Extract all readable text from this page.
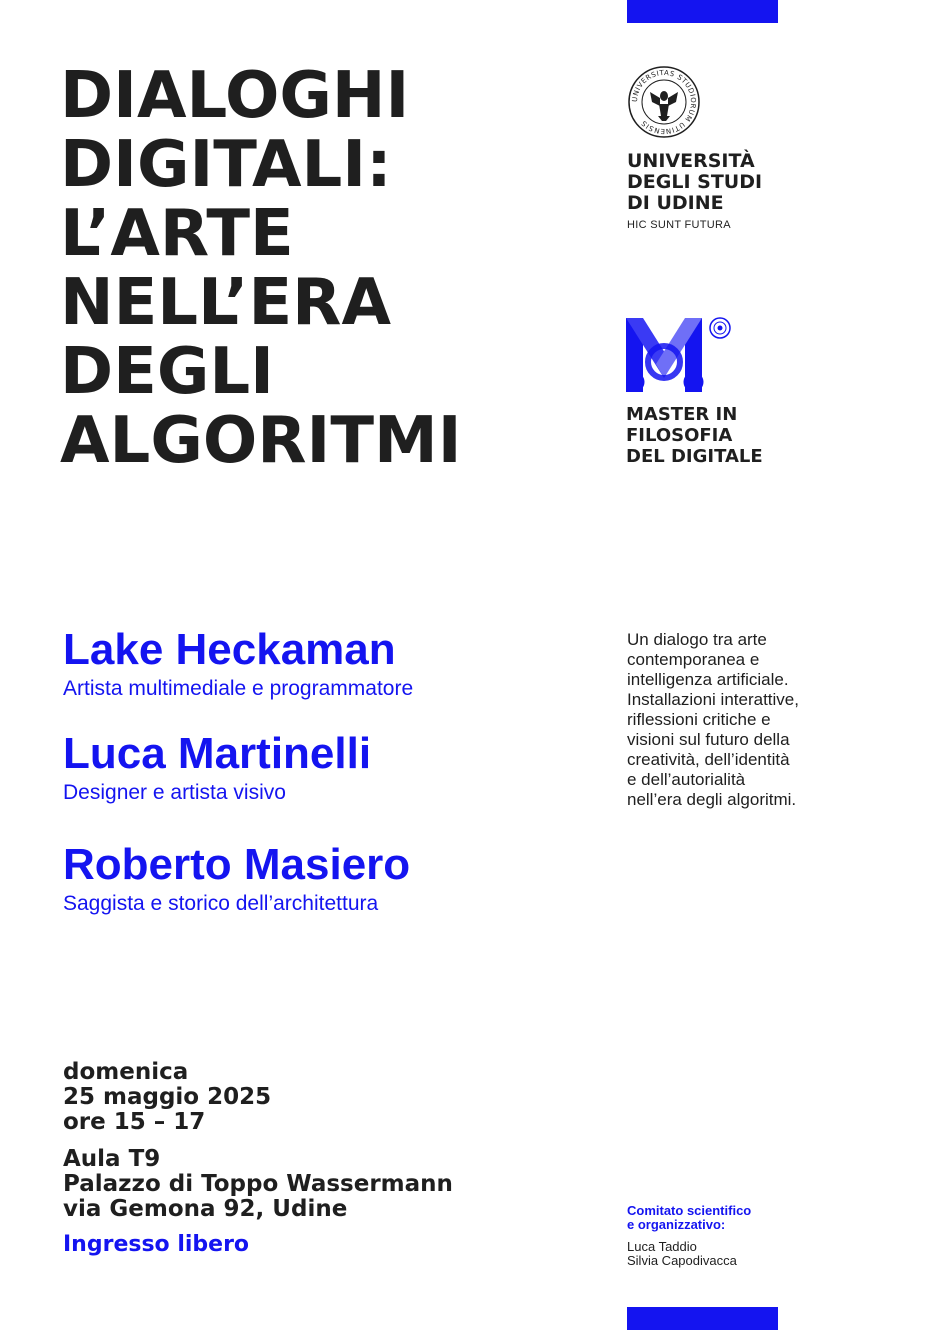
DIALOGHI
DIGITALI:
L’ARTE
NELL’ERA
DEGLI
ALGORITMI
UNIVERSITAS STUDIORUM UTINENSIS
UNIVERSITÀ
DEGLI STUDI
DI UDINE
HIC SUNT FUTURA
MASTER IN
FILOSOFIA
DEL DIGITALE
Lake Heckaman
Artista multimediale e programmatore
Luca Martinelli
Designer e artista visivo
Roberto Masiero
Saggista e storico dell’architettura
Un dialogo tra arte
contemporanea e
intelligenza artificiale.
Installazioni interattive,
riflessioni critiche e
visioni sul futuro della
creatività, dell’identità
e dell’autorialità
nell’era degli algoritmi.
domenica
25 maggio 2025
ore 15 – 17
Aula T9
Palazzo di Toppo Wassermann
via Gemona 92, Udine
Ingresso libero
Comitato scientifico
e organizzativo:
Luca Taddio
Silvia Capodivacca
